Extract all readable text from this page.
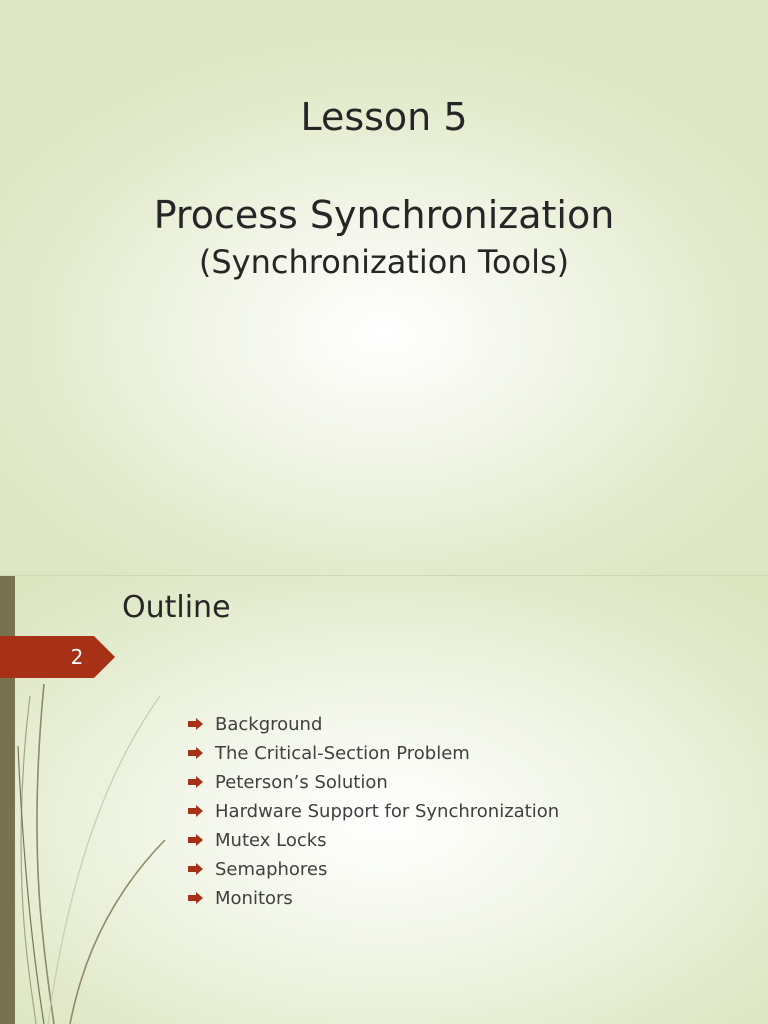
Lesson 5
Process Synchronization
(Synchronization Tools)
2
Outline
Background
The Critical-Section Problem
Peterson’s Solution
Hardware Support for Synchronization
Mutex Locks
Semaphores
Monitors
